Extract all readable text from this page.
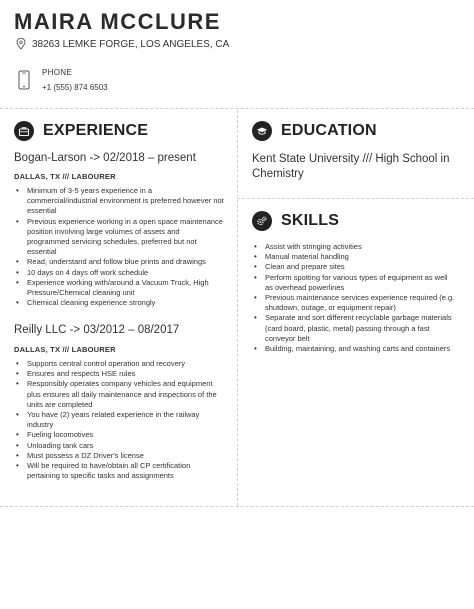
MAIRA MCCLURE
38263 LEMKE FORGE, LOS ANGELES, CA
PHONE
+1 (555) 874 6503
EXPERIENCE
Bogan-Larson -> 02/2018 – present
DALLAS, TX /// LABOURER
• Minimum of 3-5 years experience in a commercial/industrial environment is preferred however not essential
• Previous experience working in a open space maintenance position involving large volumes of assets and programmed servicing schedules, preferred but not essential
• Read, understand and follow blue prints and drawings
• 10 days on 4 days off work schedule
• Experience working with/around a Vacuum Truck, High Pressure/Chemical cleaning unit
• Chemical cleaning experience strongly
Reilly LLC -> 03/2012 – 08/2017
DALLAS, TX /// LABOURER
• Supports central control operation and recovery
• Ensures and respects HSE rules
• Responsibly operates company vehicles and equipment plus ensures all daily maintenance and inspections of the units are completed
• You have (2) years related experience in the railway industry
• Fueling locomotives
• Unloading tank cars
• Must possess a DZ Driver's license
• Will be required to have/obtain all CP certification pertaining to specific tasks and assignments
EDUCATION
Kent State University /// High School in Chemistry
SKILLS
• Assist with stringing activities
• Manual material handling
• Clean and prepare sites
• Perform spotting for various types of equipment as well as overhead powerlines
• Previous maintenance services experience required (e.g. shutdown, outage, or equipment repair)
• Separate and sort different recyclable garbage materials (card board, plastic, metal) passing through a fast conveyor belt
• Building, maintaining, and washing carts and containers
